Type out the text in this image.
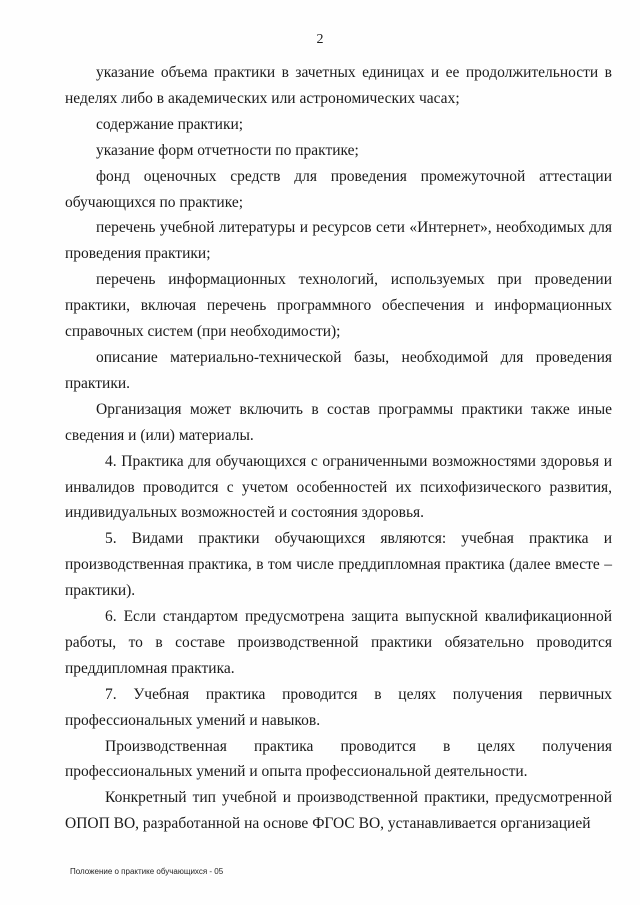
2

указание объема практики в зачетных единицах и ее продолжительности в неделях либо в академических или астрономических часах;

содержание практики;

указание форм отчетности по практике;

фонд оценочных средств для проведения промежуточной аттестации обучающихся по практике;

перечень учебной литературы и ресурсов сети «Интернет», необходимых для проведения практики;

перечень информационных технологий, используемых при проведении практики, включая перечень программного обеспечения и информационных справочных систем (при необходимости);

описание материально-технической базы, необходимой для проведения практики.

Организация может включить в состав программы практики также иные сведения и (или) материалы.

4. Практика для обучающихся с ограниченными возможностями здоровья и инвалидов проводится с учетом особенностей их психофизического развития, индивидуальных возможностей и состояния здоровья.

5. Видами практики обучающихся являются: учебная практика и производственная практика, в том числе преддипломная практика (далее вместе – практики).

6. Если стандартом предусмотрена защита выпускной квалификационной работы, то в составе производственной практики обязательно проводится преддипломная практика.

7. Учебная практика проводится в целях получения первичных профессиональных умений и навыков.

Производственная практика проводится в целях получения профессиональных умений и опыта профессиональной деятельности.

Конкретный тип учебной и производственной практики, предусмотренной ОПОП ВО, разработанной на основе ФГОС ВО, устанавливается организацией

Положение о практике обучающихся - 05
